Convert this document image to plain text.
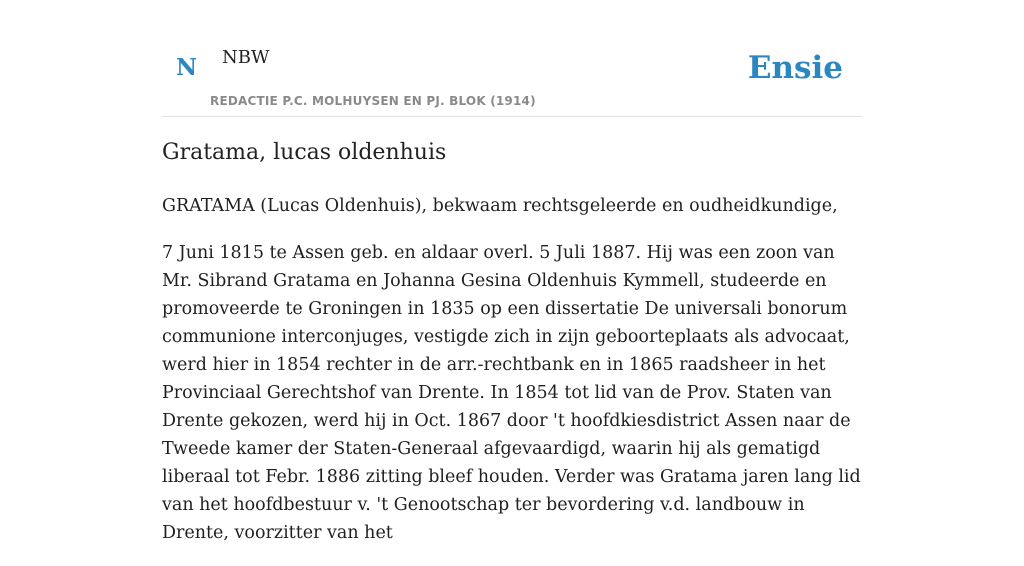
N NBW
REDACTIE P.C. MOLHUYSEN EN PJ. BLOK (1914)
Ensie
Gratama, lucas oldenhuis

GRATAMA (Lucas Oldenhuis), bekwaam rechtsgeleerde en oudheidkundige,

7 Juni 1815 te Assen geb. en aldaar overl. 5 Juli 1887. Hij was een zoon van Mr. Sibrand Gratama en Johanna Gesina Oldenhuis Kymmell, studeerde en promoveerde te Groningen in 1835 op een dissertatie De universali bonorum communione interconjuges, vestigde zich in zijn geboorteplaats als advocaat, werd hier in 1854 rechter in de arr.-rechtbank en in 1865 raadsheer in het Provinciaal Gerechtshof van Drente. In 1854 tot lid van de Prov. Staten van Drente gekozen, werd hij in Oct. 1867 door 't hoofdkiesdistrict Assen naar de Tweede kamer der Staten-Generaal afgevaardigd, waarin hij als gematigd liberaal tot Febr. 1886 zitting bleef houden. Verder was Gratama jaren lang lid van het hoofdbestuur v. 't Genootschap ter bevordering v.d. landbouw in Drente, voorzitter van het
